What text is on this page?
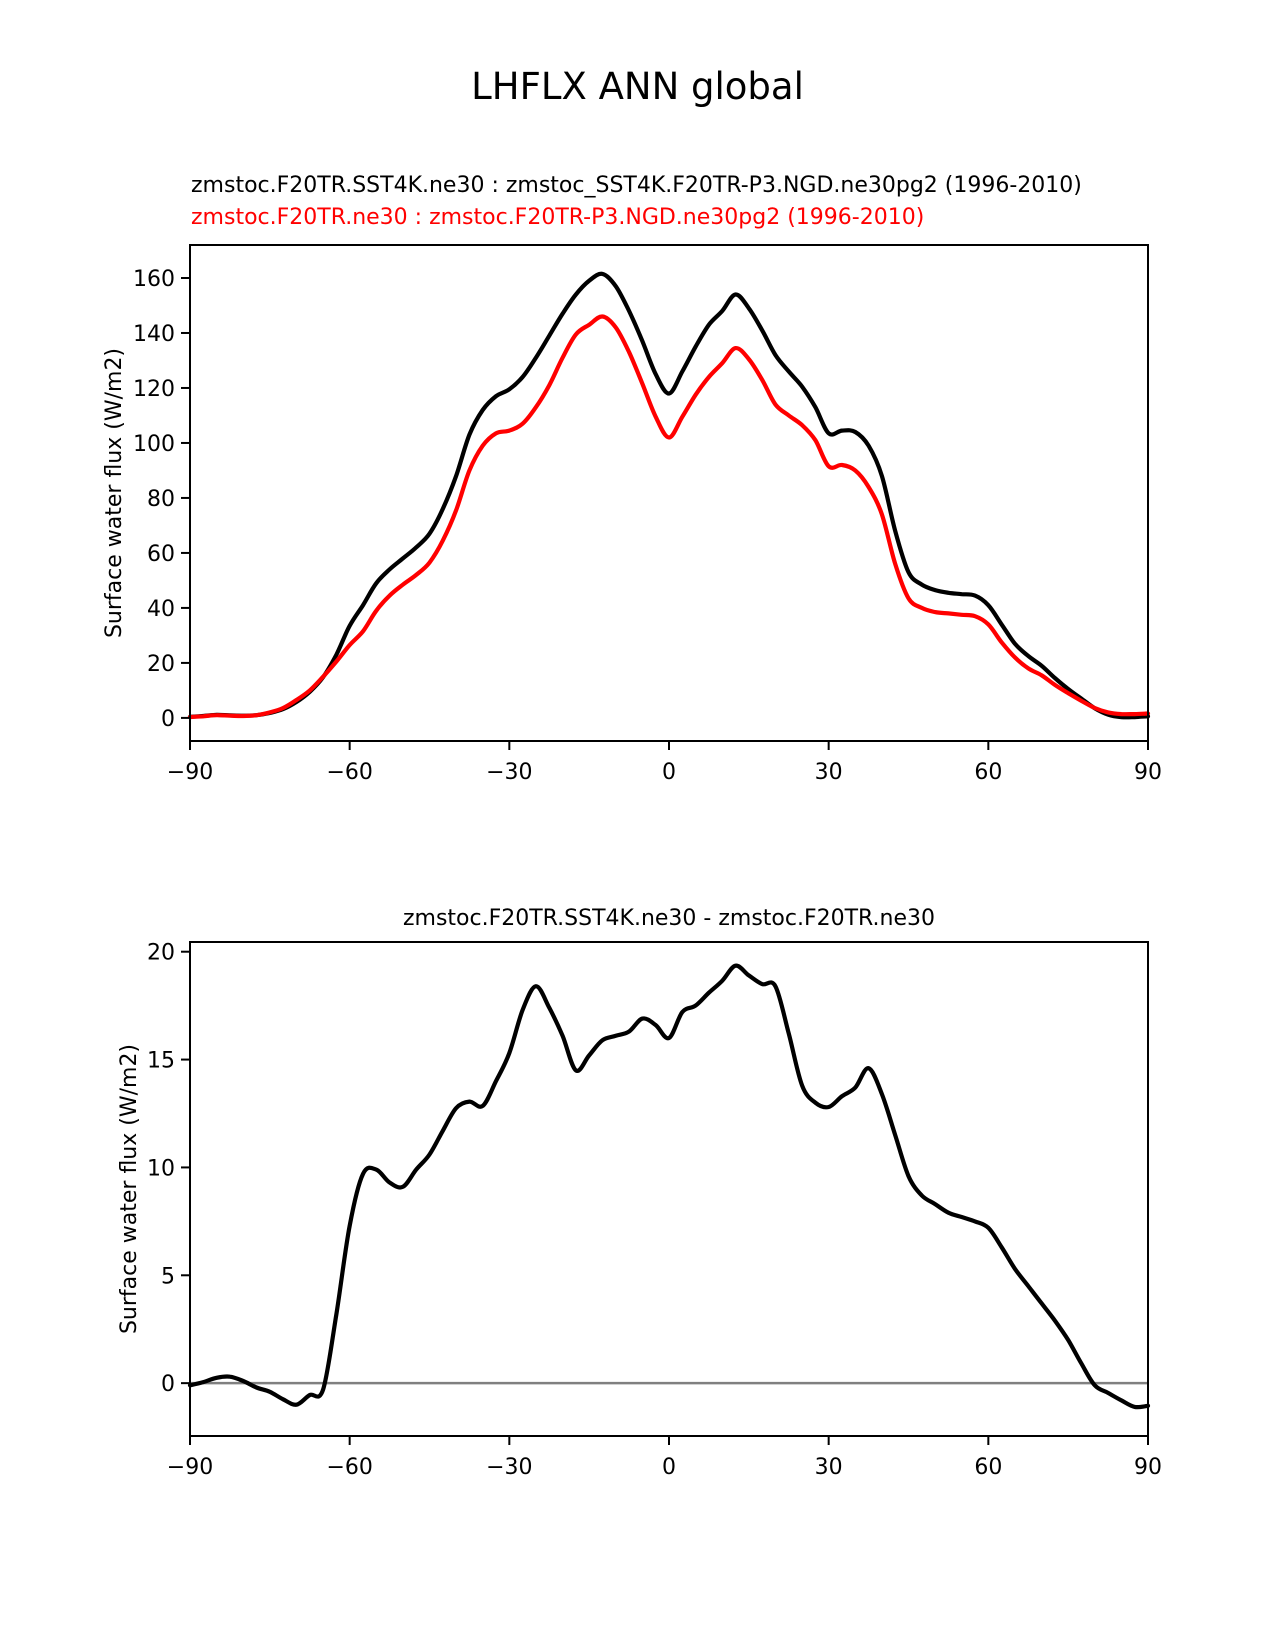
LHFLX ANN global
zmstoc.F20TR.SST4K.ne30 : zmstoc_SST4K.F20TR-P3.NGD.ne30pg2 (1996-2010)
zmstoc.F20TR.ne30 : zmstoc.F20TR-P3.NGD.ne30pg2 (1996-2010)
Surface water flux (W/m2)
zmstoc.F20TR.SST4K.ne30 - zmstoc.F20TR.ne30
Surface water flux (W/m2)
−90	−60	−30	0	30	60	90
0
20
40
60
80
100
120
140
160
−90	−60	−30	0	30	60	90
0
5
10
15
20
